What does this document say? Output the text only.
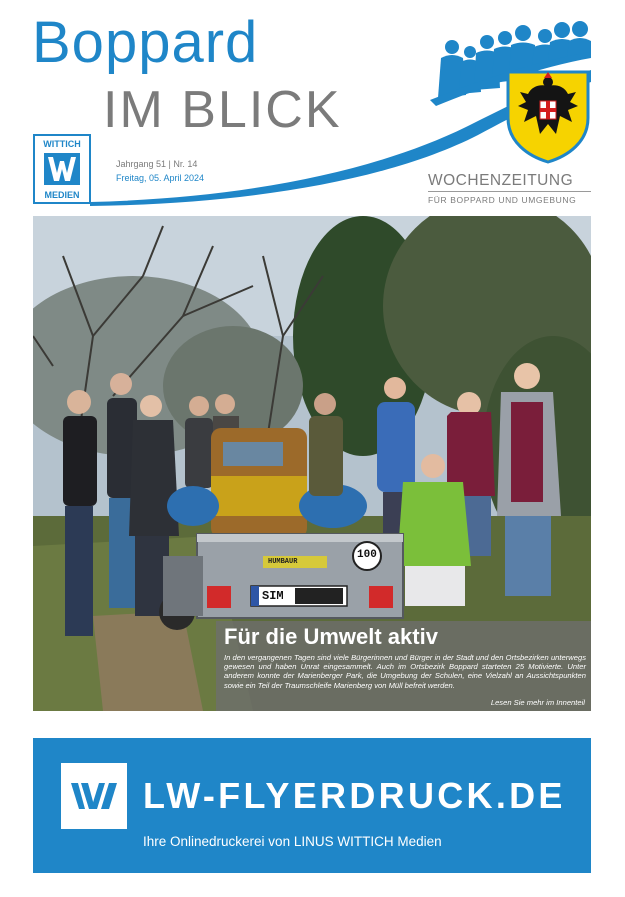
Boppard
IM BLICK
WITTICH
MEDIEN
Jahrgang 51 | Nr. 14
Freitag, 05. April 2024	WOCHENZEITUNG
FÜR BOPPARD UND UMGEBUNG
HUMBAUR
100
SIM
Für die Umwelt aktiv
In den vergangenen Tagen sind viele Bürgerinnen und Bürger in der Stadt und den Ortsbezirken unterwegs gewesen und haben Unrat eingesammelt. Auch im Ortsbezirk Boppard starteten 25 Motivierte. Unter anderem konnte der Marienberger Park, die Umgebung der Schulen, eine Vielzahl an Aussichtspunkten sowie ein Teil der Traumschleife Marienberg von Müll befreit werden.
Lesen Sie mehr im Innenteil
LW-FLYERDRUCK.DE
Ihre Onlinedruckerei von LINUS WITTICH Medien
